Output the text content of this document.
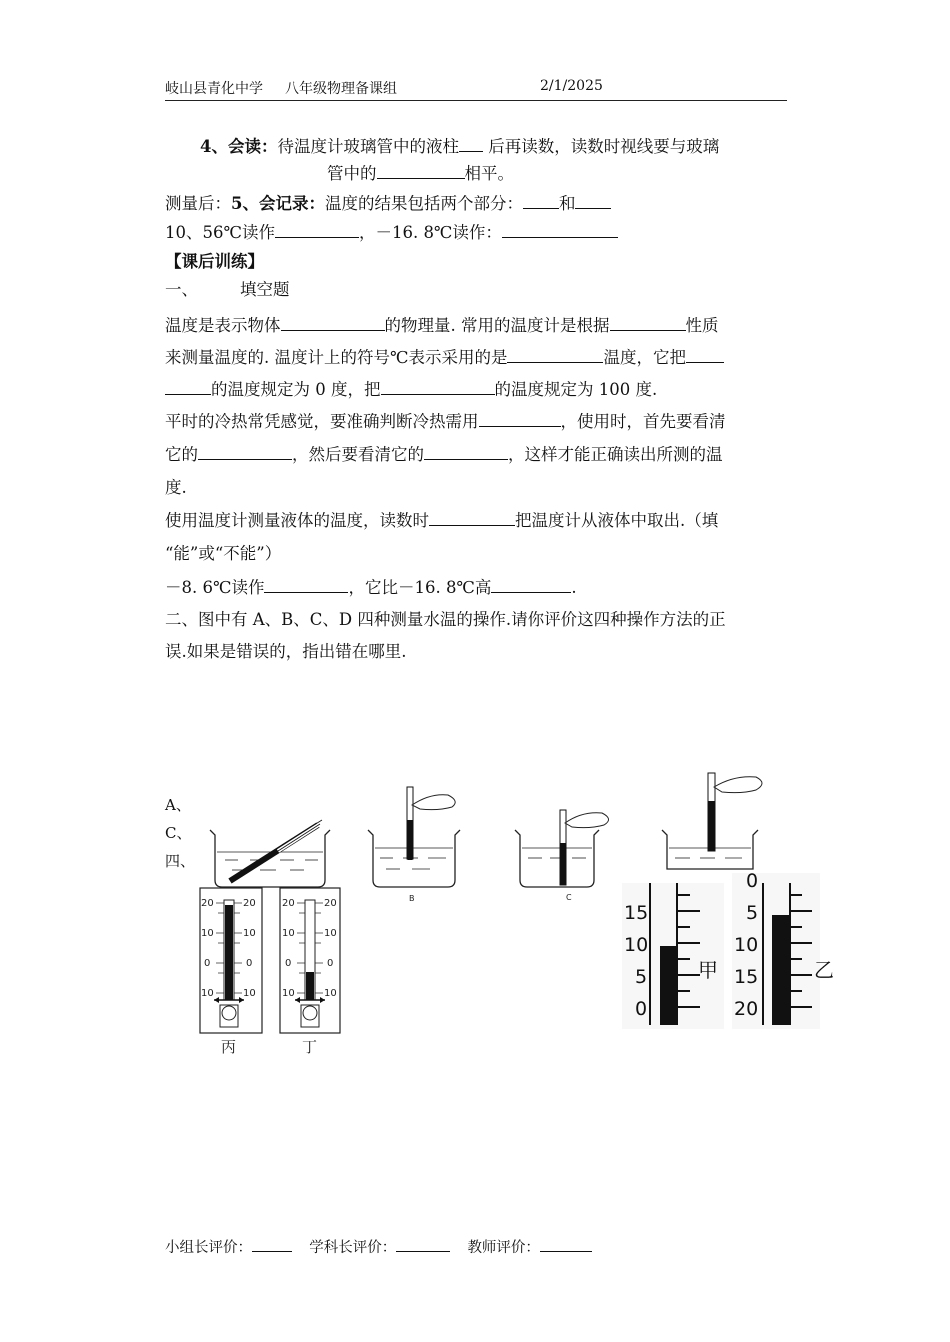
岐山县青化中学 八年级物理备课组	2/1/2025
4、会读：待温度计玻璃管中的液柱 后再读数，读数时视线要与玻璃
管中的	相平。
测量后：5、会记录：温度的结果包括两个部分： 和
10、56℃读作	，－16. 8℃读作：
【课后训练】
一、	填空题
温度是表示物体	的物理量. 常用的温度计是根据	性质
来测量温度的. 温度计上的符号℃表示采用的是	温度，它把
的温度规定为 0 度，把	的温度规定为 100 度.
平时的冷热常凭感觉，要准确判断冷热需用	，使用时，首先要看清
它的	，然后要看清它的	，这样才能正确读出所测的温
度.
使用温度计测量液体的温度，读数时	把温度计从液体中取出.（填
“能”或“不能”）
－8. 6℃读作	，它比－16. 8℃高	.
二、图中有 A、B、C、D 四种测量水温的操作.请你评价这四种操作方法的正
误.如果是错误的，指出错在哪里.
A、
C、
四、
B	C
20	20
10	10
0	0
10	10
丙
20	20
10	10
0	0
10	10
丁
15
10
5
0
甲
0
5
10
15
20
乙
小组长评价：	学科长评价：	教师评价：
